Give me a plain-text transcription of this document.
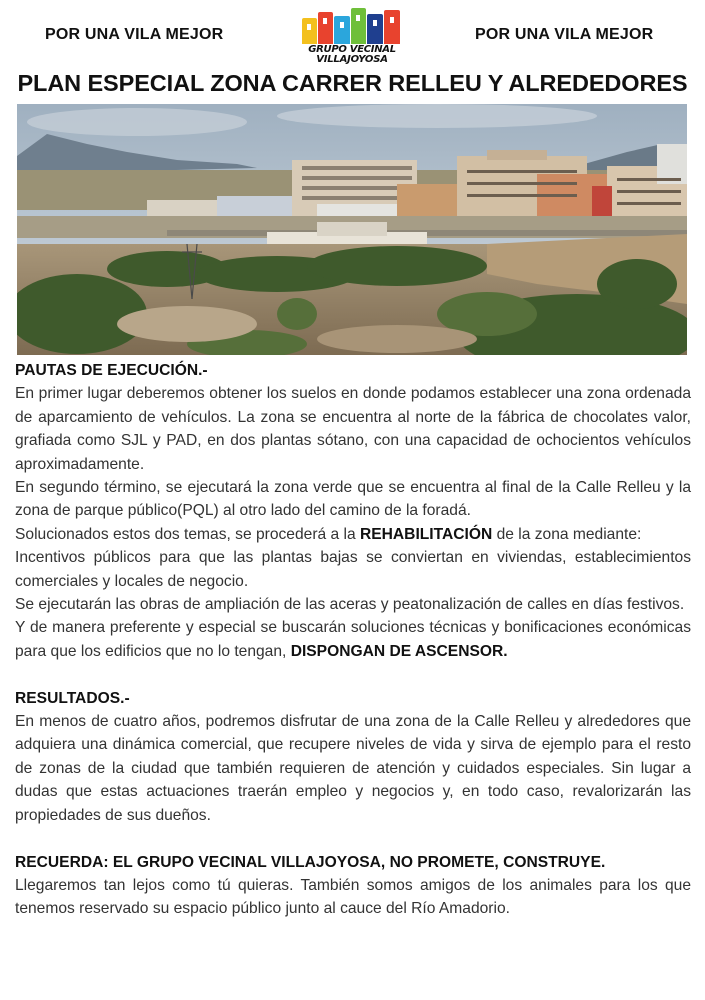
POR UNA VILA MEJOR
GRUPO VECINAL
VILLAJOYOSA
POR UNA VILA MEJOR
PLAN ESPECIAL ZONA CARRER RELLEU Y ALREDEDORES

PAUTAS DE EJECUCIÓN.-

En primer lugar deberemos obtener los suelos en donde podamos establecer una zona ordenada de aparcamiento de vehículos. La zona se encuentra al norte de la fábrica de chocolates valor, grafiada como SJL y PAD, en dos plantas sótano, con una capacidad de ochocientos vehículos aproximadamente.

En segundo término, se ejecutará la zona verde que se encuentra al final de la Calle Relleu y la zona de parque público(PQL) al otro lado del camino de la foradá.

Solucionados estos dos temas, se procederá a la REHABILITACIÓN de la zona mediante:

Incentivos públicos para que las plantas bajas se conviertan en viviendas, establecimientos comerciales y locales de negocio.

Se ejecutarán las obras de ampliación de las aceras y peatonalización de calles en días festivos.

Y de manera preferente y especial se buscarán soluciones técnicas y bonificaciones económicas para que los edificios que no lo tengan, DISPONGAN DE ASCENSOR.

RESULTADOS.-

En menos de cuatro años, podremos disfrutar de una zona de la Calle Relleu y alrededores que adquiera una dinámica comercial, que recupere niveles de vida y sirva de ejemplo para el resto de zonas de la ciudad que también requieren de atención y cuidados especiales. Sin lugar a dudas que estas actuaciones traerán empleo y negocios y, en todo caso, revalorizarán las propiedades de sus dueños.

RECUERDA: EL GRUPO VECINAL VILLAJOYOSA, NO PROMETE, CONSTRUYE.

Llegaremos tan lejos como tú quieras. También somos amigos de los animales para los que tenemos reservado su espacio público junto al cauce del Río Amadorio.
